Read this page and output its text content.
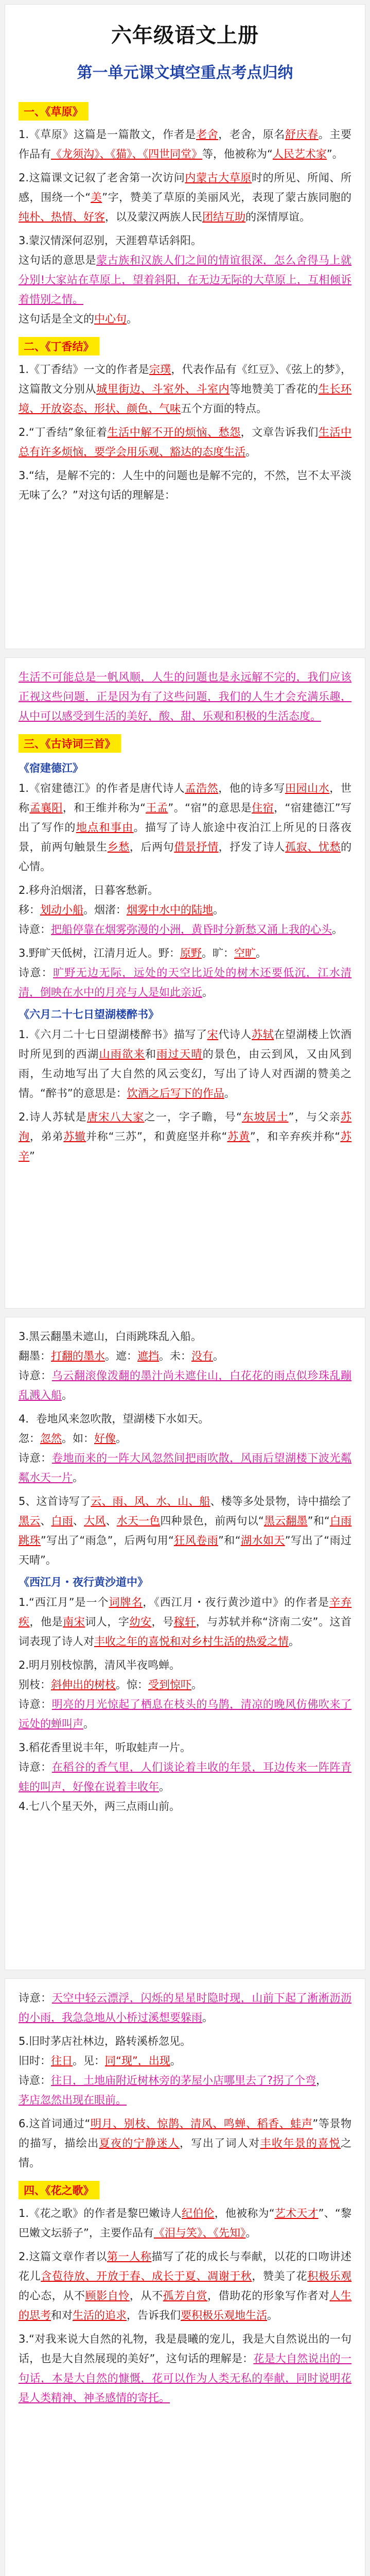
六年级语文上册
第一单元课文填空重点考点归纳
一、《草原》

1.《草原》这篇是一篇散文，作者是老舍，老舍，原名舒庆春。主要作品有《龙须沟》、《猫》、《四世同堂》等，他被称为“人民艺术家”。

2.这篇课文记叙了老舍第一次访问内蒙古大草原时的所见、所闻、所感，围绕一个“美”字，赞美了草原的美丽风光，表现了蒙古族同胞的纯朴、热情、好客，以及蒙汉两族人民团结互助的深情厚谊。

3.蒙汉情深何忍别，天涯碧草话斜阳。
这句话的意思是蒙古族和汉族人们之间的情谊很深，怎么舍得马上就分别!大家站在草原上，望着斜阳，在无边无际的大草原上，互相倾诉着惜别之情。
这句话是全文的中心句。

二、《丁香结》

1.《丁香结》一文的作者是宗璞，代表作品有《红豆》、《弦上的梦》，这篇散文分别从城里街边、斗室外、斗室内等地赞美丁香花的生长环境、开放姿态、形状、颜色、气味五个方面的特点。

2.“丁香结”象征着生活中解不开的烦恼、愁怨，文章告诉我们生活中总有许多烦恼，要学会用乐观、豁达的态度生活。

3.“结，是解不完的：人生中的问题也是解不完的，不然，岂不太平淡无味了么？”对这句话的理解是：

生活不可能总是一帆风顺，人生的问题也是永远解不完的，我们应该正视这些问题，正是因为有了这些问题，我们的人生才会充满乐趣，从中可以感受到生活的美好，酸、甜、乐观和积极的生活态度。

三、《古诗词三首》
《宿建德江》

1.《宿建德江》的作者是唐代诗人孟浩然，他的诗多写田园山水，世称孟襄阳，和王维并称为“王孟”。“宿”的意思是住宿，“宿建德江”写出了写作的地点和事由。描写了诗人旅途中夜泊江上所见的日落夜景，前两句触景生乡愁，后两句借景抒情，抒发了诗人孤寂、忧愁的心情。

2.移舟泊烟渚，日暮客愁新。
移：划动小船。烟渚：烟雾中水中的陆地。
诗意：把船停靠在烟雾弥漫的小洲，黄昏时分新愁又涌上我的心头。

3.野旷天低树，江清月近人。野：原野。旷：空旷。
诗意：旷野无边无际，远处的天空比近处的树木还要低沉，江水清清，倒映在水中的月亮与人是如此亲近。

《六月二十七日望湖楼醉书》

1.《六月二十七日望湖楼醉书》描写了宋代诗人苏轼在望湖楼上饮酒时所见到的西湖山雨欲来和雨过天晴的景色，由云到风，又由风到雨，生动地写出了大自然的风云变幻，写出了诗人对西湖的赞美之情。“醉书”的意思是：饮酒之后写下的作品。

2.诗人苏轼是唐宋八大家之一，字子瞻，号“东坡居士”，与父亲苏洵，弟弟苏辙并称“三苏”，和黄庭坚并称“苏黄”，和辛弃疾并称“苏辛”

3.黑云翻墨未遮山，白雨跳珠乱入船。
翻墨：打翻的墨水。遮：遮挡。未：没有。
诗意：乌云翻滚像泼翻的墨汁尚未遮住山，白花花的雨点似珍珠乱蹦乱溅入船。

4．卷地风来忽吹散，望湖楼下水如天。
忽：忽然。如：好像。
诗意：卷地而来的一阵大风忽然间把雨吹散，风雨后望湖楼下波光粼粼水天一片。

5、这首诗写了云、雨、风、水、山、船、楼等多处景物，诗中描绘了黑云、白雨、大风、水天一色四种景色，前两句以“黑云翻墨”和“白雨跳珠”写出了“雨急”，后两句用“狂风卷雨”和“湖水如天”写出了“雨过天晴”。

《西江月・夜行黄沙道中》

1.“西江月”是一个词牌名，《西江月・夜行黄沙道中》的作者是辛弃疾，他是南宋词人，字幼安，号稼轩，与苏轼并称“济南二安”。这首词表现了诗人对丰收之年的喜悦和对乡村生活的热爱之情。

2.明月别枝惊鹊，清风半夜鸣蝉。
别枝：斜伸出的树枝。惊：受到惊吓。
诗意：明亮的月光惊起了栖息在枝头的乌鹊，清凉的晚风仿佛吹来了远处的蝉叫声。

3.稻花香里说丰年，听取蛙声一片。
诗意：在稻谷的香气里，人们谈论着丰收的年景，耳边传来一阵阵青蛙的叫声，好像在说着丰收年。
4.七八个星天外，两三点雨山前。

诗意：天空中轻云漂浮，闪烁的星星时隐时现，山前下起了淅淅沥沥的小雨，我急急地从小桥过溪想要躲雨。

5.旧时茅店社林边，路转溪桥忽见。
旧时：往日。见：同“现”，出现。
诗意：往日，土地庙附近树林旁的茅屋小店哪里去了?拐了个弯，
茅店忽然出现在眼前。

6.这首词通过“明月、别枝、惊鹊、清风、鸣蝉、稻香、蛙声”等景物的描写，描绘出夏夜的宁静迷人，写出了词人对丰收年景的喜悦之情。

四、《花之歌》

1.《花之歌》的作者是黎巴嫩诗人纪伯伦，他被称为“艺术天才”、“黎巴嫩文坛骄子”，主要作品有《泪与笑》、《先知》。

2.这篇文章作者以第一人称描写了花的成长与奉献，以花的口吻讲述花儿含苞待放、开放于春、成长于夏、凋谢于秋，赞美了花积极乐观的心态，从不顾影自怜，从不孤芳自赏，借助花的形象写作者对人生的思考和对生活的追求，告诉我们要积极乐观地生活。

3.“对我来说大自然的礼物，我是晨曦的宠儿，我是大自然说出的一句话，也是大自然展现的美好”，这句话的理解是：花是大自然说出的一句话，本是大自然的慷慨，花可以作为人类无私的奉献，同时说明花是人类精神、神圣感情的寄托。
